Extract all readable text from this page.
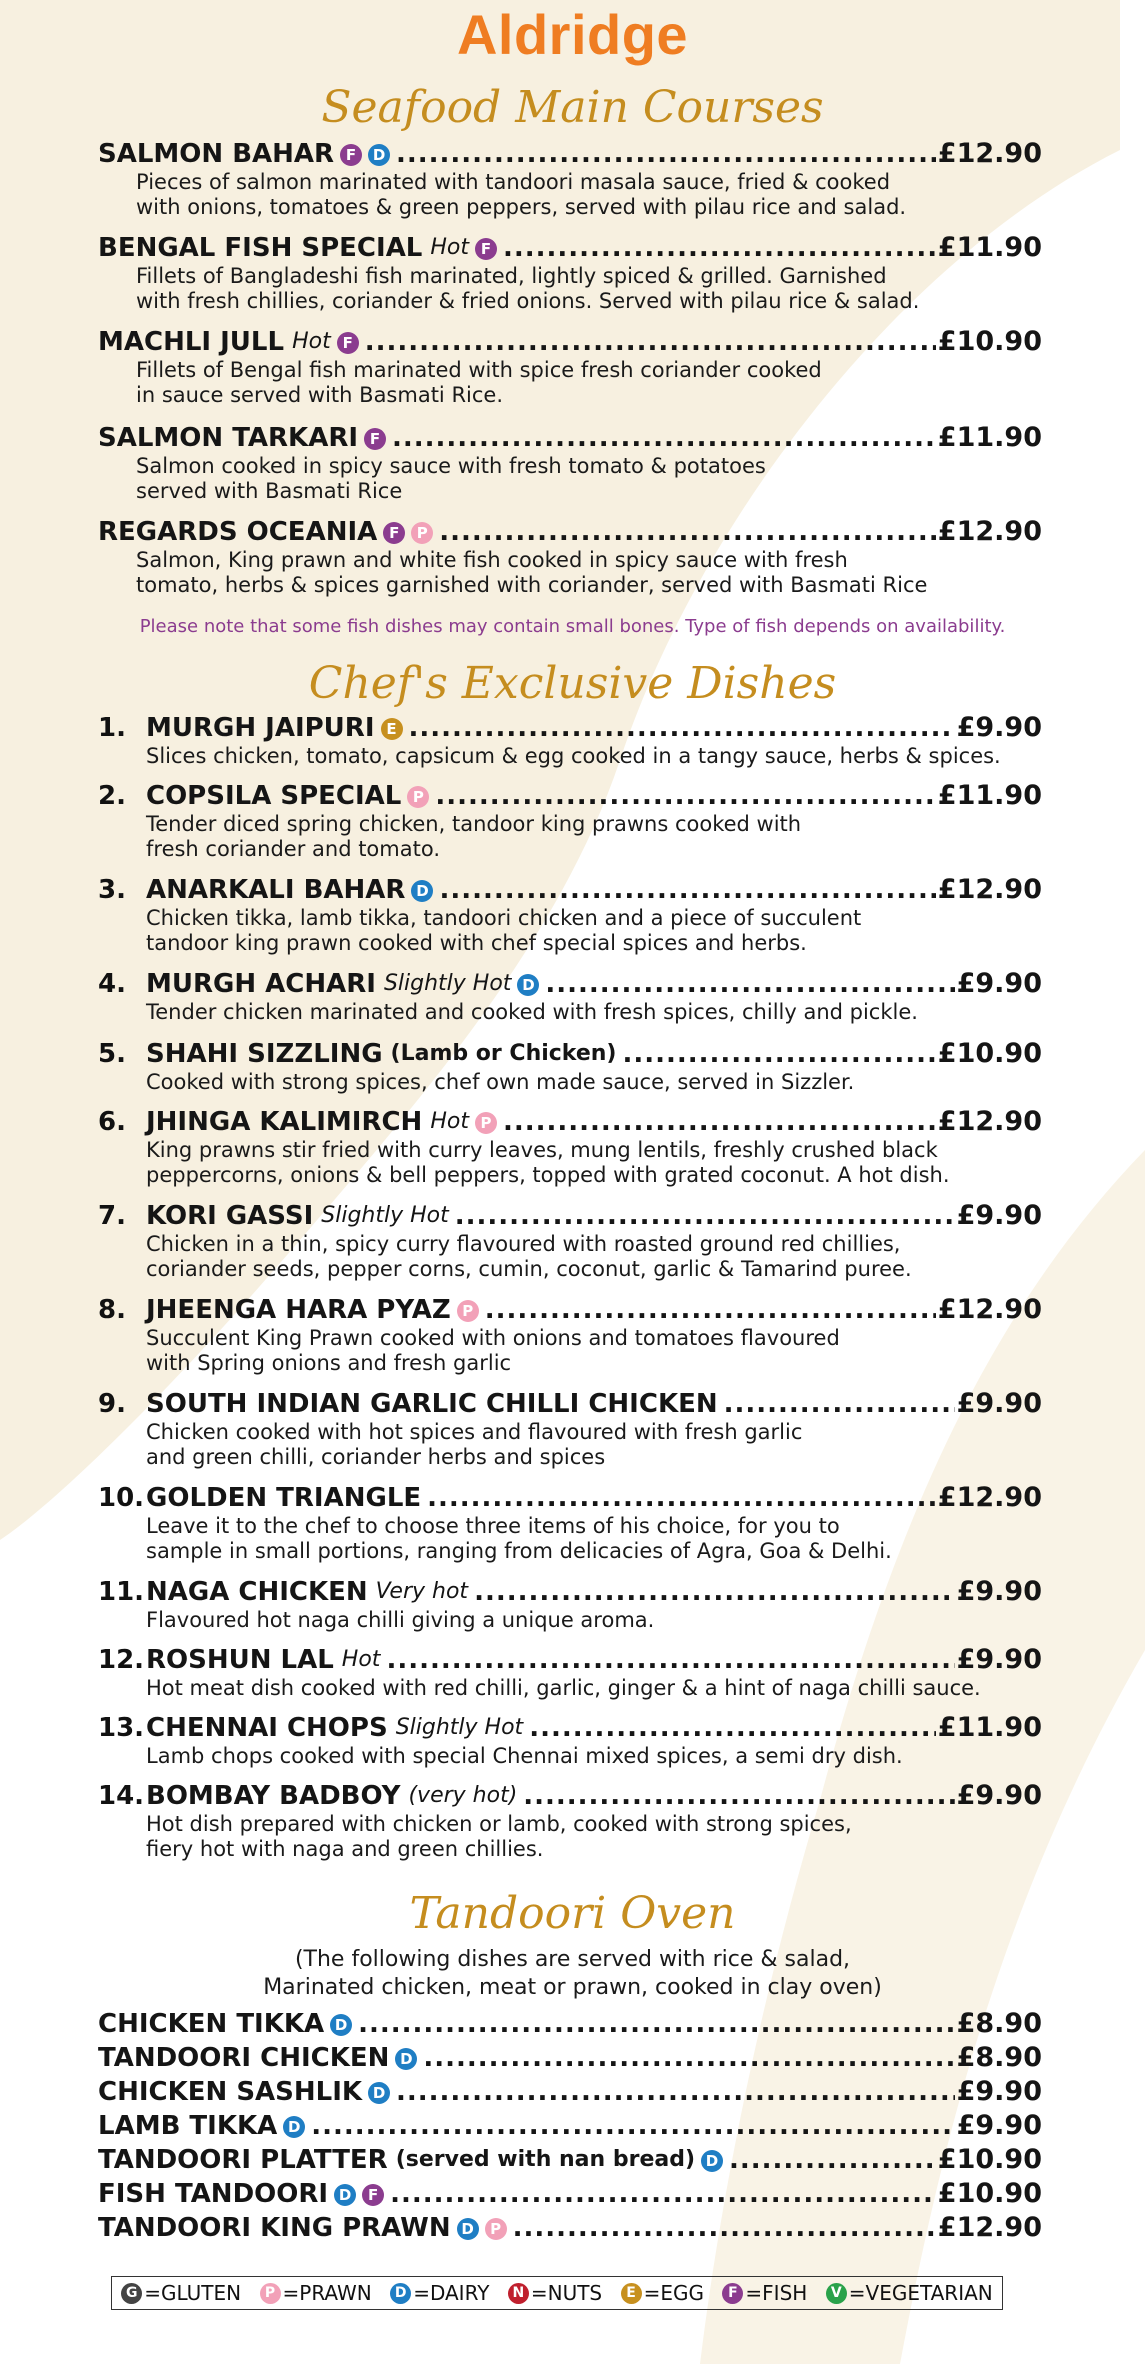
Aldridge
Seafood Main Courses
SALMON BAHAR F	D .....	£12.90
Pieces of salmon marinated with tandoori masala sauce, fried & cooked
with onions, tomatoes & green peppers, served with pilau rice and salad.
BENGAL FISH SPECIAL Hot F .....	£11.90
Fillets of Bangladeshi fish marinated, lightly spiced & grilled. Garnished
with fresh chillies, coriander & fried onions. Served with pilau rice & salad.
MACHLI JULL Hot F .....	£10.90
Fillets of Bengal fish marinated with spice fresh coriander cooked
in sauce served with Basmati Rice.
SALMON TARKARI F .....	£11.90
Salmon cooked in spicy sauce with fresh tomato & potatoes
served with Basmati Rice
REGARDS OCEANIA F	P .....	£12.90
Salmon, King prawn and white fish cooked in spicy sauce with fresh
tomato, herbs & spices garnished with coriander, served with Basmati Rice
Please note that some fish dishes may contain small bones. Type of fish depends on availability.
Chef's Exclusive Dishes
1. MURGH JAIPURI E .....	£9.90
Slices chicken, tomato, capsicum & egg cooked in a tangy sauce, herbs & spices.
2. COPSILA SPECIAL P .....	£11.90
Tender diced spring chicken, tandoor king prawns cooked with
fresh coriander and tomato.
3. ANARKALI BAHAR D .....	£12.90
Chicken tikka, lamb tikka, tandoori chicken and a piece of succulent
tandoor king prawn cooked with chef special spices and herbs.
4. MURGH ACHARI Slightly Hot D .....	£9.90
Tender chicken marinated and cooked with fresh spices, chilly and pickle.
5. SHAHI SIZZLING (Lamb or Chicken) .....	£10.90
Cooked with strong spices, chef own made sauce, served in Sizzler.
6. JHINGA KALIMIRCH Hot P .....	£12.90
King prawns stir fried with curry leaves, mung lentils, freshly crushed black
peppercorns, onions & bell peppers, topped with grated coconut. A hot dish.
7. KORI GASSI Slightly Hot .....	£9.90
Chicken in a thin, spicy curry flavoured with roasted ground red chillies,
coriander seeds, pepper corns, cumin, coconut, garlic & Tamarind puree.
8. JHEENGA HARA PYAZ P .....	£12.90
Succulent King Prawn cooked with onions and tomatoes flavoured
with Spring onions and fresh garlic
9. SOUTH INDIAN GARLIC CHILLI CHICKEN .....	£9.90
Chicken cooked with hot spices and flavoured with fresh garlic
and green chilli, coriander herbs and spices
10. GOLDEN TRIANGLE .....	£12.90
Leave it to the chef to choose three items of his choice, for you to
sample in small portions, ranging from delicacies of Agra, Goa & Delhi.
11. NAGA CHICKEN Very hot .....	£9.90
Flavoured hot naga chilli giving a unique aroma.
12. ROSHUN LAL Hot .....	£9.90
Hot meat dish cooked with red chilli, garlic, ginger & a hint of naga chilli sauce.
13. CHENNAI CHOPS Slightly Hot .....	£11.90
Lamb chops cooked with special Chennai mixed spices, a semi dry dish.
14. BOMBAY BADBOY (very hot) .....	£9.90
Hot dish prepared with chicken or lamb, cooked with strong spices,
fiery hot with naga and green chillies.
Tandoori Oven
(The following dishes are served with rice & salad,
Marinated chicken, meat or prawn, cooked in clay oven)
CHICKEN TIKKA D .....	£8.90
TANDOORI CHICKEN D .....	£8.90
CHICKEN SASHLIK D .....	£9.90
LAMB TIKKA D .....	£9.90
TANDOORI PLATTER (served with nan bread) D .....	£10.90
FISH TANDOORI D	F .....	£10.90
TANDOORI KING PRAWN D	P .....	£12.90
G =GLUTEN	P =PRAWN	D =DAIRY	N =NUTS	E =EGG	F =FISH	V =VEGETARIAN
